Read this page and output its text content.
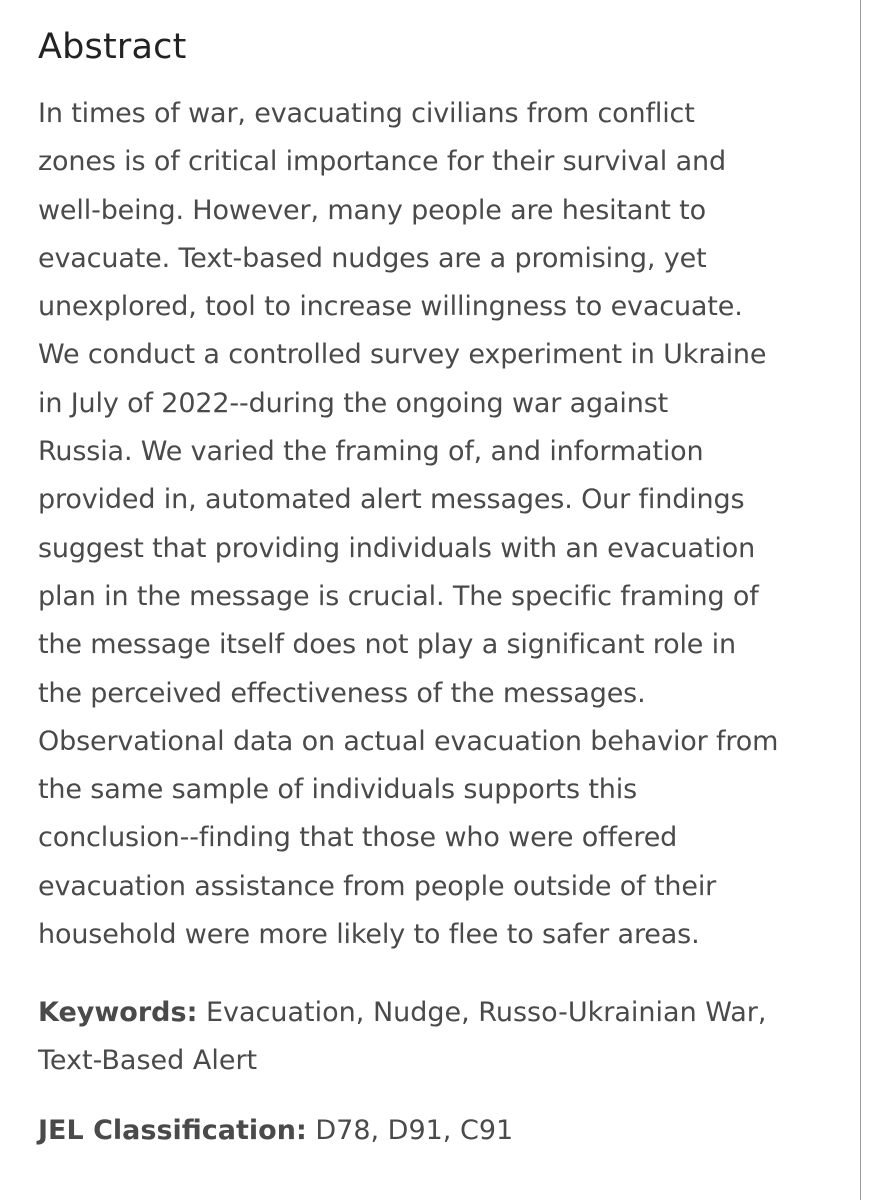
Abstract

In times of war, evacuating civilians from conflict
zones is of critical importance for their survival and
well-being. However, many people are hesitant to
evacuate. Text-based nudges are a promising, yet
unexplored, tool to increase willingness to evacuate.
We conduct a controlled survey experiment in Ukraine
in July of 2022--during the ongoing war against
Russia. We varied the framing of, and information
provided in, automated alert messages. Our findings
suggest that providing individuals with an evacuation
plan in the message is crucial. The specific framing of
the message itself does not play a significant role in
the perceived effectiveness of the messages.
Observational data on actual evacuation behavior from
the same sample of individuals supports this
conclusion--finding that those who were offered
evacuation assistance from people outside of their
household were more likely to flee to safer areas.

Keywords: Evacuation, Nudge, Russo-Ukrainian War,
Text-Based Alert
JEL Classification: D78, D91, C91
